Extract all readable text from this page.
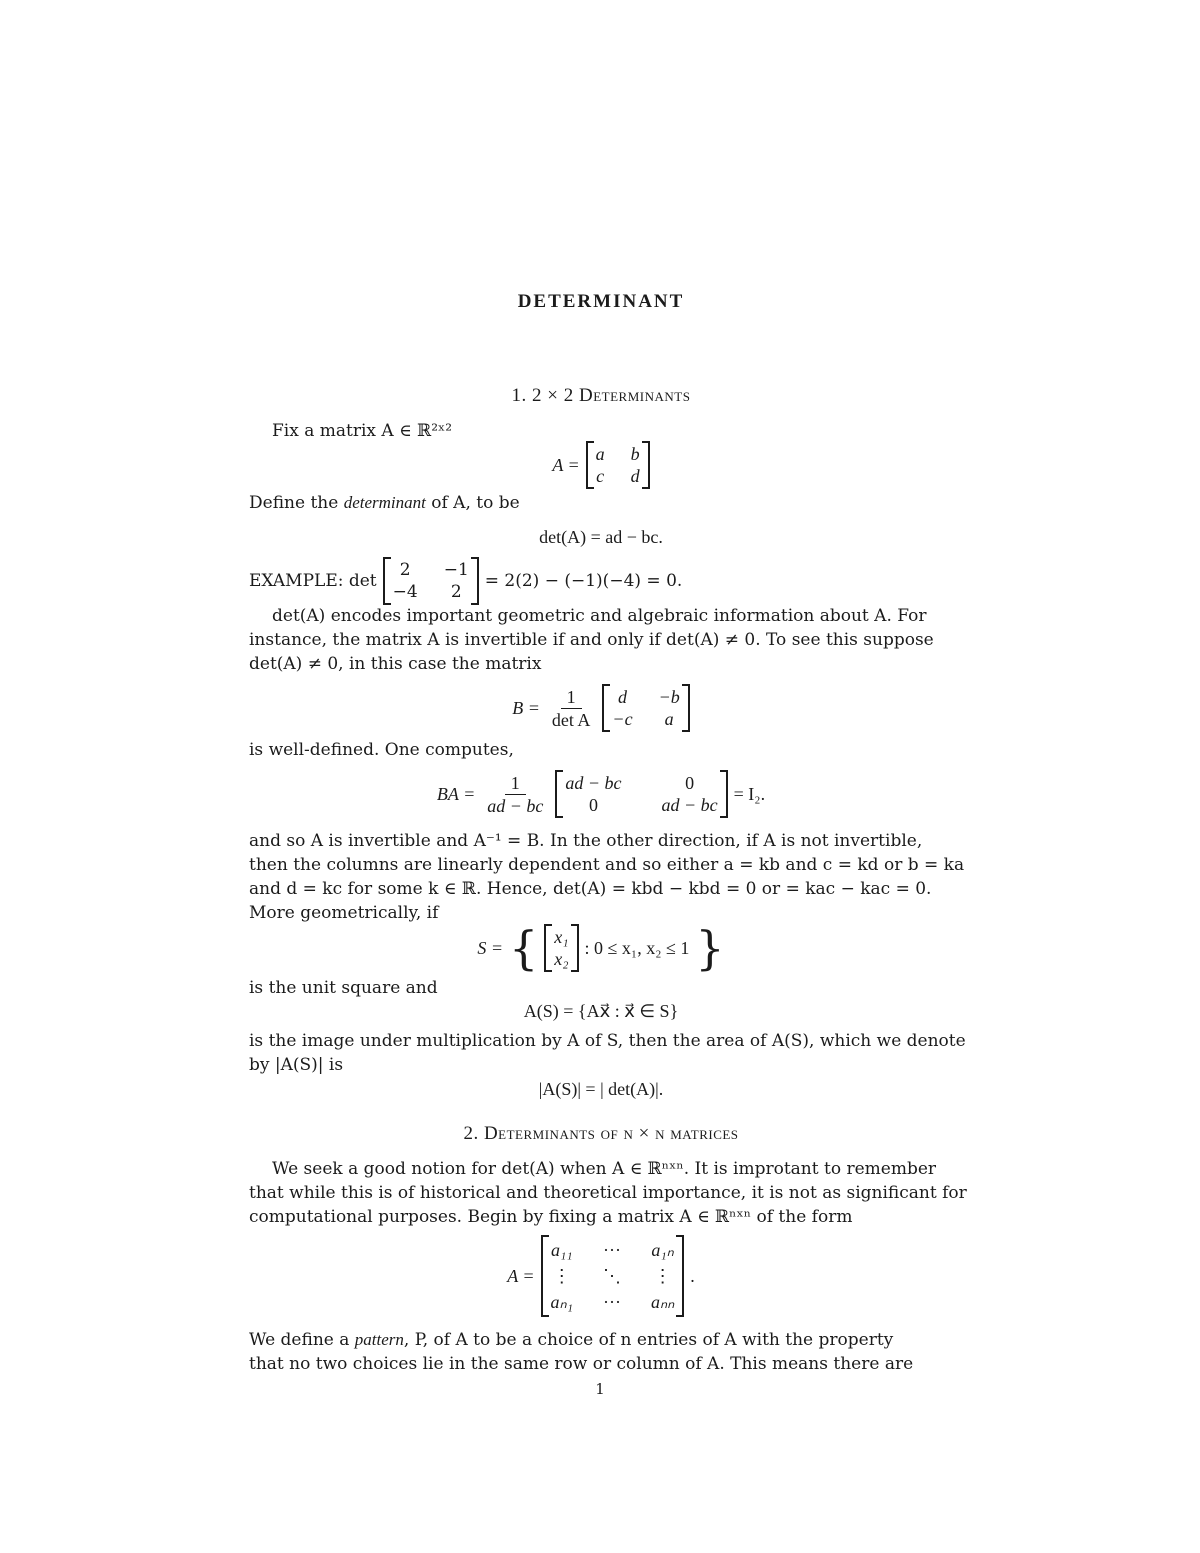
DETERMINANT
1. 2 × 2 Determinants
Fix a matrix A ∈ ℝ²ˣ²
A =
a b
c d
Define the determinant of A, to be
det(A) = ad − bc.
EXAMPLE: det
2	−1
−4	2
= 2(2) − (−1)(−4) = 0.
det(A) encodes important geometric and algebraic information about A. For
instance, the matrix A is invertible if and only if det(A) ≠ 0. To see this suppose
det(A) ≠ 0, in this case the matrix
$B = \frac{1}{\text{det A}}$	d	−b
−c	a
is well-defined. One computes,
BA = $\frac{1}{ad - bc}$ ad − bc	0
0	ad − bc
= I₂.
and so A is invertible and A⁻¹ = B. In the other direction, if A is not invertible,
then the columns are linearly dependent and so either a = kb and c = kd or b = ka
and d = kc for some k ∈ ℝ. Hence, det(A) = kbd − kbd = 0 or = kac − kac = 0.
More geometrically, if
S = { x₁
x₂
: 0 ≤ x₁, x₂ ≤ 1 }
is the unit square and
A(S) = {Ax⃗ : x⃗ ∈ S}
is the image under multiplication by A of S, then the area of A(S), which we denote
by |A(S)| is
|A(S)| = | det(A)|.
2. Determinants of n × n matrices
We seek a good notion for det(A) when A ∈ ℝⁿˣⁿ. It is improtant to remember
that while this is of historical and theoretical importance, it is not as significant for
computational purposes. Begin by fixing a matrix A ∈ ℝⁿˣⁿ of the form
A =
a₁₁ ··· a₁ₙ
⋮ ⋱ ⋮
aₙ₁ ··· aₙₙ
.
We define a pattern, P, of A to be a choice of n entries of A with the property
that no two choices lie in the same row or column of A. This means there are
1
